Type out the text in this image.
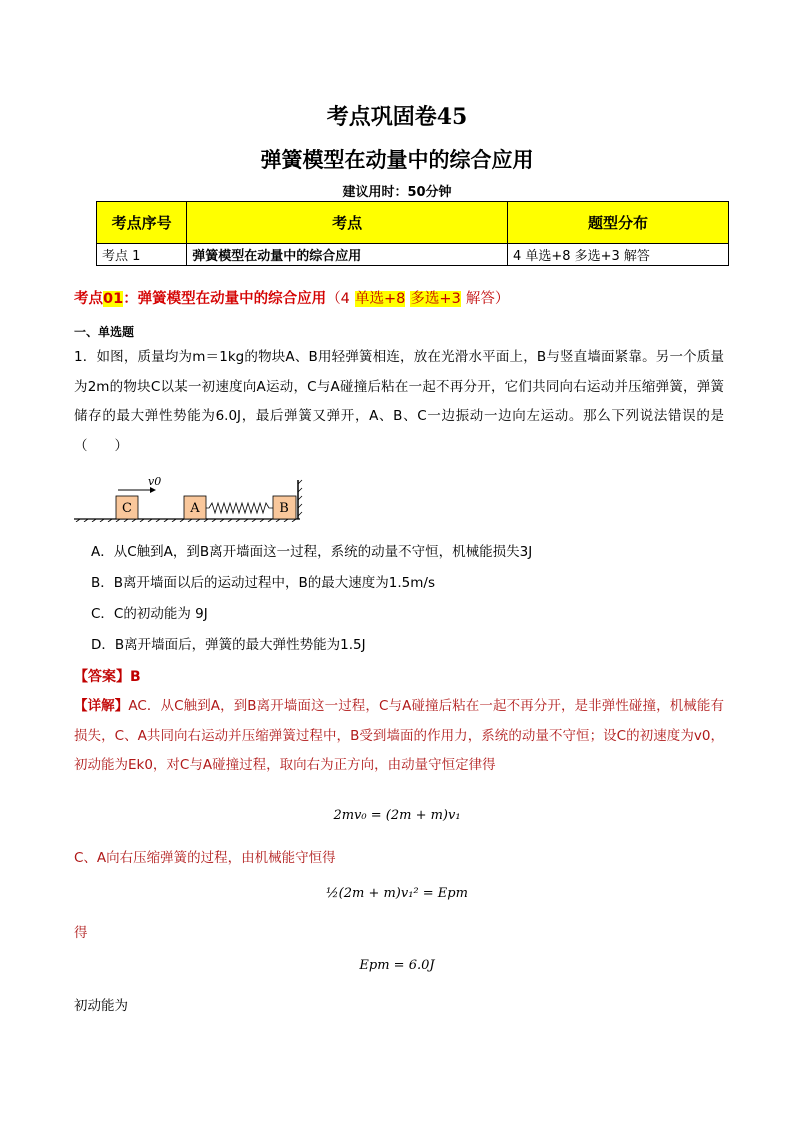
考点巩固卷45
弹簧模型在动量中的综合应用
建议用时：50分钟
考点序号	考点	题型分布
考点 1	弹簧模型在动量中的综合应用	4 单选+8 多选+3 解答
考点01：弹簧模型在动量中的综合应用（4 单选+8 多选+3 解答）
一、单选题
1．如图，质量均为m＝1kg的物块A、B用轻弹簧相连，放在光滑水平面上，B与竖直墙面紧靠。另一个质量为2m的物块C以某一初速度向A运动，C与A碰撞后粘在一起不再分开，它们共同向右运动并压缩弹簧，弹簧储存的最大弹性势能为6.0J，最后弹簧又弹开，A、B、C一边振动一边向左运动。那么下列说法错误的是（　　）
C	A	B
v0
A．从C触到A，到B离开墙面这一过程，系统的动量不守恒，机械能损失3J
B．B离开墙面以后的运动过程中，B的最大速度为1.5m/s
C．C的初动能为 9J
D．B离开墙面后，弹簧的最大弹性势能为1.5J
【答案】B
【详解】AC．从C触到A，到B离开墙面这一过程，C与A碰撞后粘在一起不再分开，是非弹性碰撞，机械能有损失，C、A共同向右运动并压缩弹簧过程中，B受到墙面的作用力，系统的动量不守恒；设C的初速度为v0，初动能为Ek0，对C与A碰撞过程，取向右为正方向，由动量守恒定律得
2mv₀ = (2m + m)v₁
C、A向右压缩弹簧的过程，由机械能守恒得
½(2m + m)v₁² = Epm
得
Epm = 6.0J
初动能为
